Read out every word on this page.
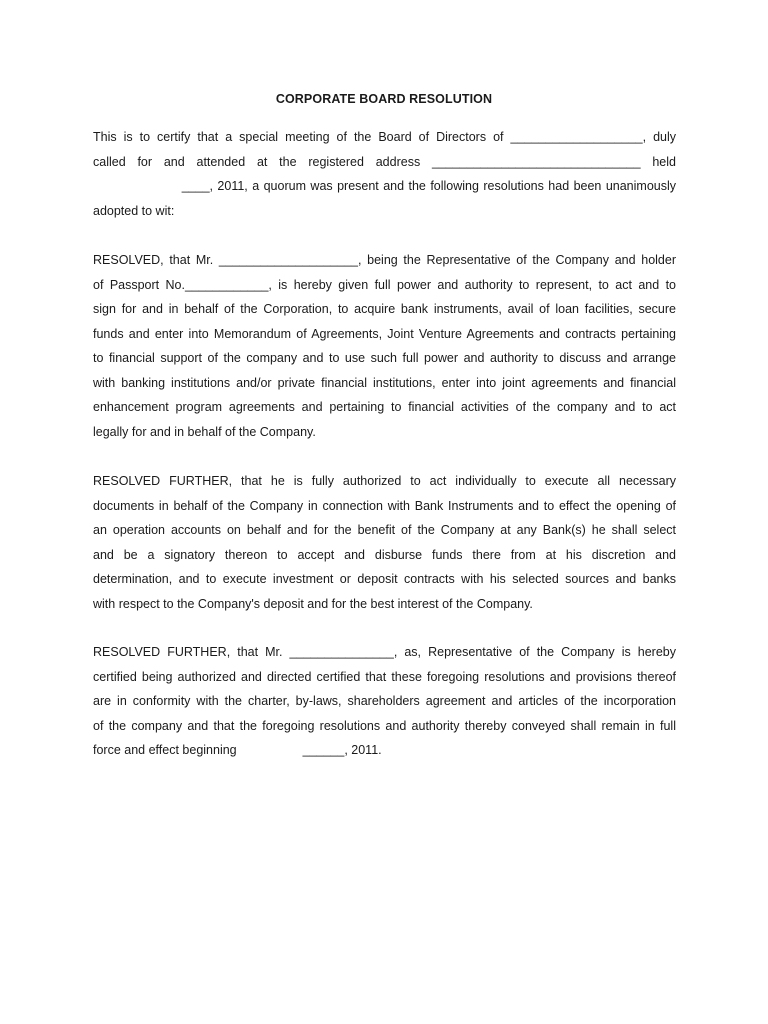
CORPORATE BOARD RESOLUTION
This is to certify that a special meeting of the Board of Directors of ___________________, duly
called for and attended at the registered address ______________________________ held
____, 2011, a quorum was present and the following resolutions had been unanimously
adopted to wit:
RESOLVED, that Mr. ____________________, being the Representative of the Company and holder
of Passport No.____________, is hereby given full power and authority to represent, to act and to
sign for and in behalf of the Corporation, to acquire bank instruments, avail of loan facilities, secure
funds and enter into Memorandum of Agreements, Joint Venture Agreements and contracts pertaining
to financial support of the company and to use such full power and authority to discuss and arrange
with banking institutions and/or private financial institutions, enter into joint agreements and financial
enhancement program agreements and pertaining to financial activities of the company and to act
legally for and in behalf of the Company.
RESOLVED FURTHER, that he is fully authorized to act individually to execute all necessary
documents in behalf of the Company in connection with Bank Instruments and to effect the opening of
an operation accounts on behalf and for the benefit of the Company at any Bank(s) he shall select
and be a signatory thereon to accept and disburse funds there from at his discretion and
determination, and to execute investment or deposit contracts with his selected sources and banks
with respect to the Company's deposit and for the best interest of the Company.
RESOLVED FURTHER, that Mr. _______________, as, Representative of the Company is hereby
certified being authorized and directed certified that these foregoing resolutions and provisions thereof
are in conformity with the charter, by-laws, shareholders agreement and articles of the incorporation
of the company and that the foregoing resolutions and authority thereby conveyed shall remain in full
force and effect beginning                   ______, 2011.
